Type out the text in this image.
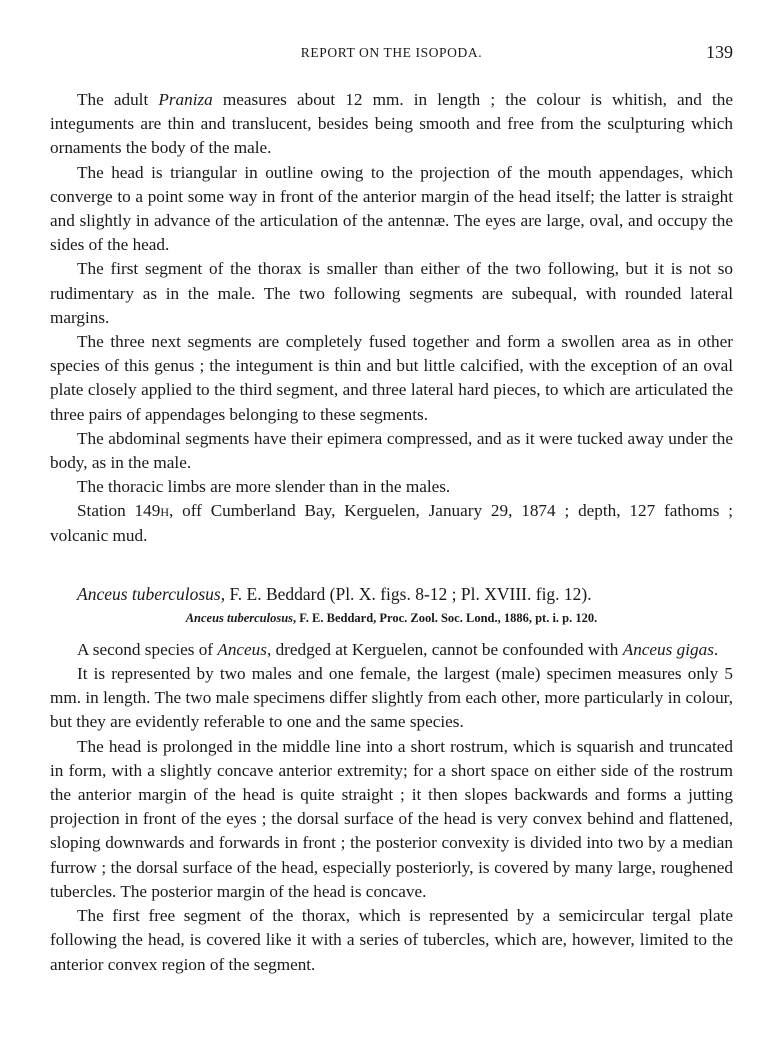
REPORT ON THE ISOPODA.	139

The adult Praniza measures about 12 mm. in length ; the colour is whitish, and the integuments are thin and translucent, besides being smooth and free from the sculpturing which ornaments the body of the male.

The head is triangular in outline owing to the projection of the mouth appendages, which converge to a point some way in front of the anterior margin of the head itself; the latter is straight and slightly in advance of the articulation of the antennæ. The eyes are large, oval, and occupy the sides of the head.

The first segment of the thorax is smaller than either of the two following, but it is not so rudimentary as in the male. The two following segments are subequal, with rounded lateral margins.

The three next segments are completely fused together and form a swollen area as in other species of this genus ; the integument is thin and but little calcified, with the exception of an oval plate closely applied to the third segment, and three lateral hard pieces, to which are articulated the three pairs of appendages belonging to these segments.

The abdominal segments have their epimera compressed, and as it were tucked away under the body, as in the male.

The thoracic limbs are more slender than in the males.

Station 149h, off Cumberland Bay, Kerguelen, January 29, 1874 ; depth, 127 fathoms ; volcanic mud.

Anceus tuberculosus, F. E. Beddard (Pl. X. figs. 8-12 ; Pl. XVIII. fig. 12).

Anceus tuberculosus, F. E. Beddard, Proc. Zool. Soc. Lond., 1886, pt. i. p. 120.

A second species of Anceus, dredged at Kerguelen, cannot be confounded with Anceus gigas.

It is represented by two males and one female, the largest (male) specimen measures only 5 mm. in length. The two male specimens differ slightly from each other, more particularly in colour, but they are evidently referable to one and the same species.

The head is prolonged in the middle line into a short rostrum, which is squarish and truncated in form, with a slightly concave anterior extremity; for a short space on either side of the rostrum the anterior margin of the head is quite straight ; it then slopes backwards and forms a jutting projection in front of the eyes ; the dorsal surface of the head is very convex behind and flattened, sloping downwards and forwards in front ; the posterior convexity is divided into two by a median furrow ; the dorsal surface of the head, especially posteriorly, is covered by many large, roughened tubercles. The posterior margin of the head is concave.

The first free segment of the thorax, which is represented by a semicircular tergal plate following the head, is covered like it with a series of tubercles, which are, however, limited to the anterior convex region of the segment.
